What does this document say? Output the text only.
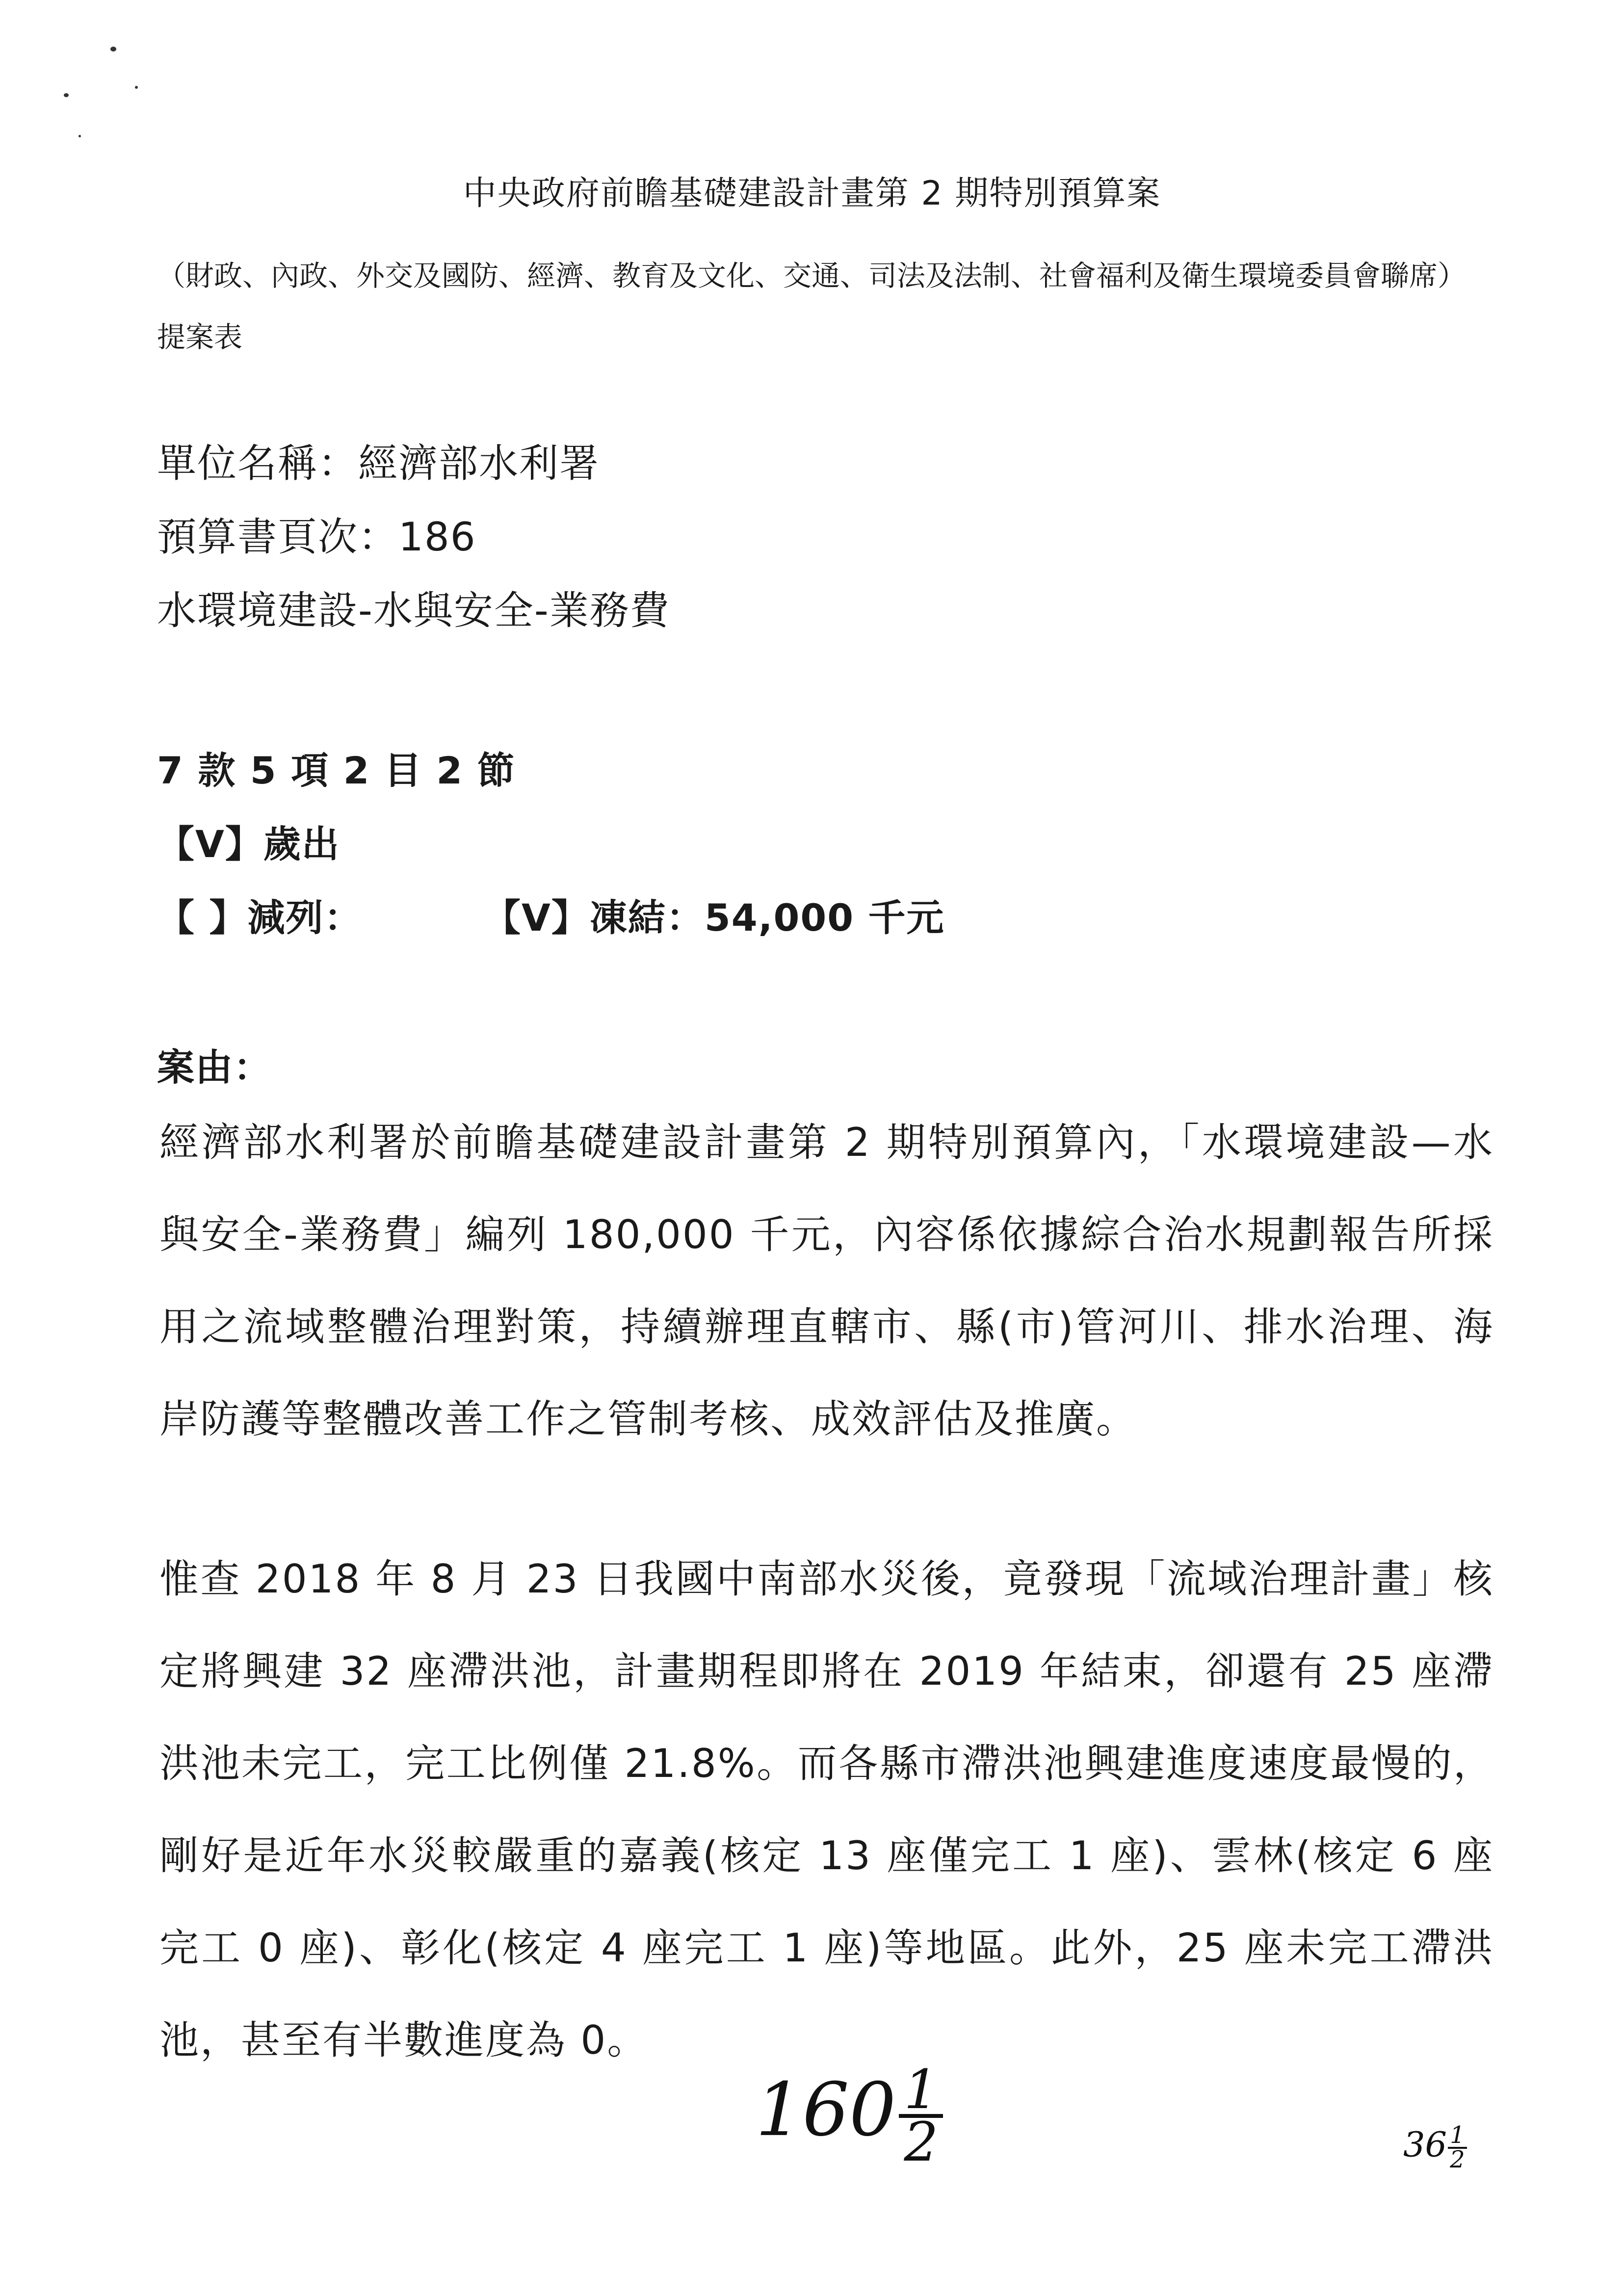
中央政府前瞻基礎建設計畫第 2 期特別預算案
（財政、內政、外交及國防、經濟、教育及文化、交通、司法及法制、社會福利及衛生環境委員會聯席）提案表
單位名稱：經濟部水利署
預算書頁次：186
水環境建設-水與安全-業務費
7 款 5 項 2 目 2 節
【V】歲出
【 】減列：	【V】凍結：54,000 千元
案由：
經濟部水利署於前瞻基礎建設計畫第 2 期特別預算內，「水環境建設—水與安全-業務費」編列 180,000 千元，內容係依據綜合治水規劃報告所採用之流域整體治理對策，持續辦理直轄市、縣(市)管河川、排水治理、海岸防護等整體改善工作之管制考核、成效評估及推廣。
惟查 2018 年 8 月 23 日我國中南部水災後，竟發現「流域治理計畫」核定將興建 32 座滯洪池，計畫期程即將在 2019 年結束，卻還有 25 座滯洪池未完工，完工比例僅 21.8%。而各縣市滯洪池興建進度速度最慢的，剛好是近年水災較嚴重的嘉義(核定 13 座僅完工 1 座)、雲林(核定 6 座完工 0 座)、彰化(核定 4 座完工 1 座)等地區。此外，25 座未完工滯洪池，甚至有半數進度為 0。
$160 \frac{1}{2}$	$36 \frac{1}{2}$
